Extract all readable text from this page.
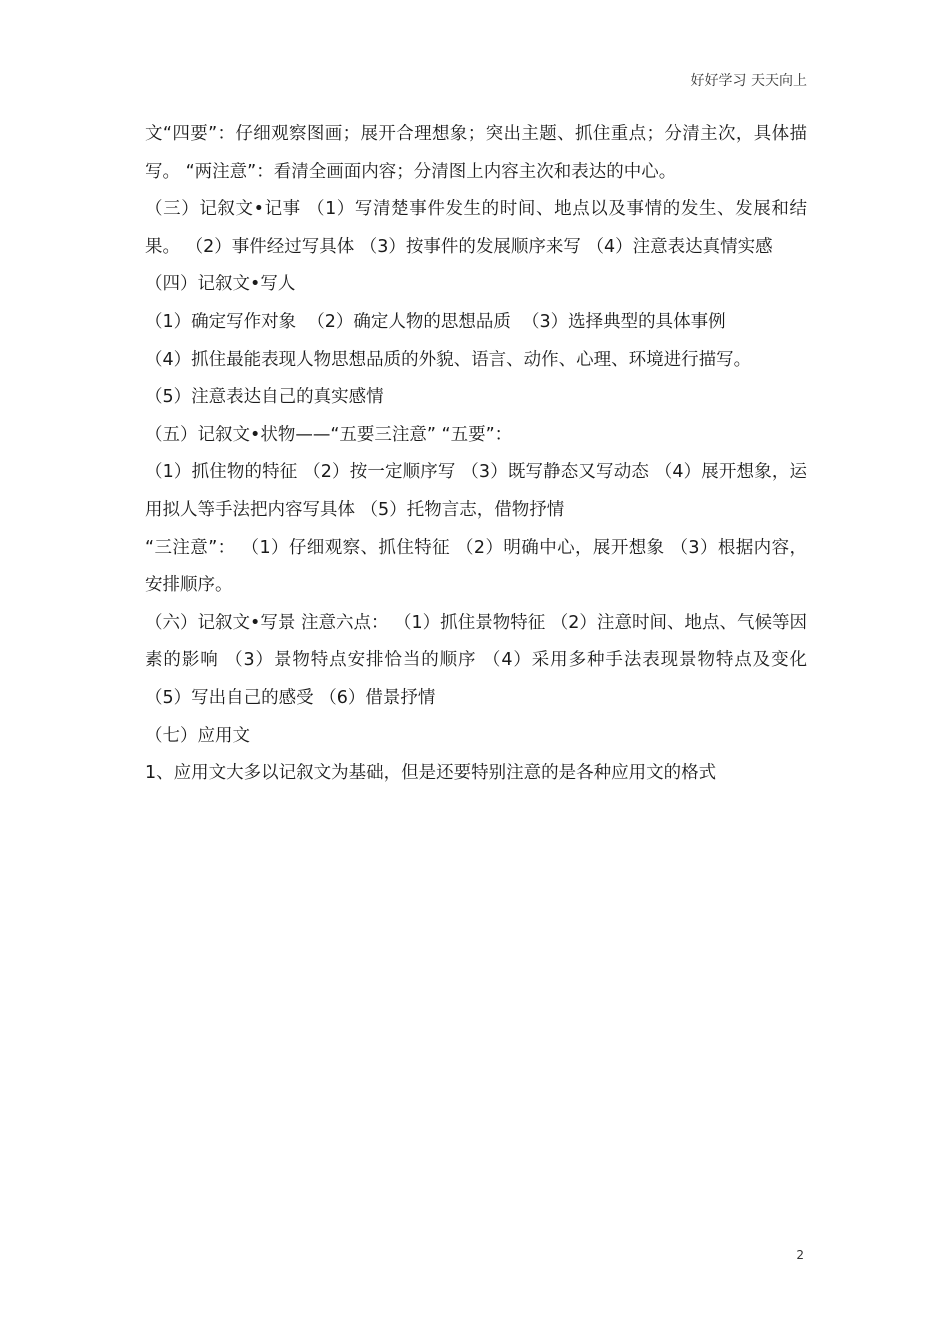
好好学习 天天向上

文“四要”：仔细观察图画；展开合理想象；突出主题、抓住重点；分清主次，具体描写。 “两注意”：看清全画面内容；分清图上内容主次和表达的中心。

（三）记叙文•记事 （1）写清楚事件发生的时间、地点以及事情的发生、发展和结果。 （2）事件经过写具体 （3）按事件的发展顺序来写 （4）注意表达真情实感

（四）记叙文•写人

（1）确定写作对象  （2）确定人物的思想品质  （3）选择典型的具体事例

（4）抓住最能表现人物思想品质的外貌、语言、动作、心理、环境进行描写。

（5）注意表达自己的真实感情

（五）记叙文•状物——“五要三注意” “五要”：

（1）抓住物的特征 （2）按一定顺序写 （3）既写静态又写动态 （4）展开想象，运用拟人等手法把内容写具体 （5）托物言志，借物抒情

“三注意”： （1）仔细观察、抓住特征 （2）明确中心，展开想象 （3）根据内容，安排顺序。

（六）记叙文•写景 注意六点： （1）抓住景物特征 （2）注意时间、地点、气候等因素的影响 （3）景物特点安排恰当的顺序 （4）采用多种手法表现景物特点及变化 （5）写出自己的感受 （6）借景抒情

（七）应用文

1、应用文大多以记叙文为基础，但是还要特别注意的是各种应用文的格式

2
